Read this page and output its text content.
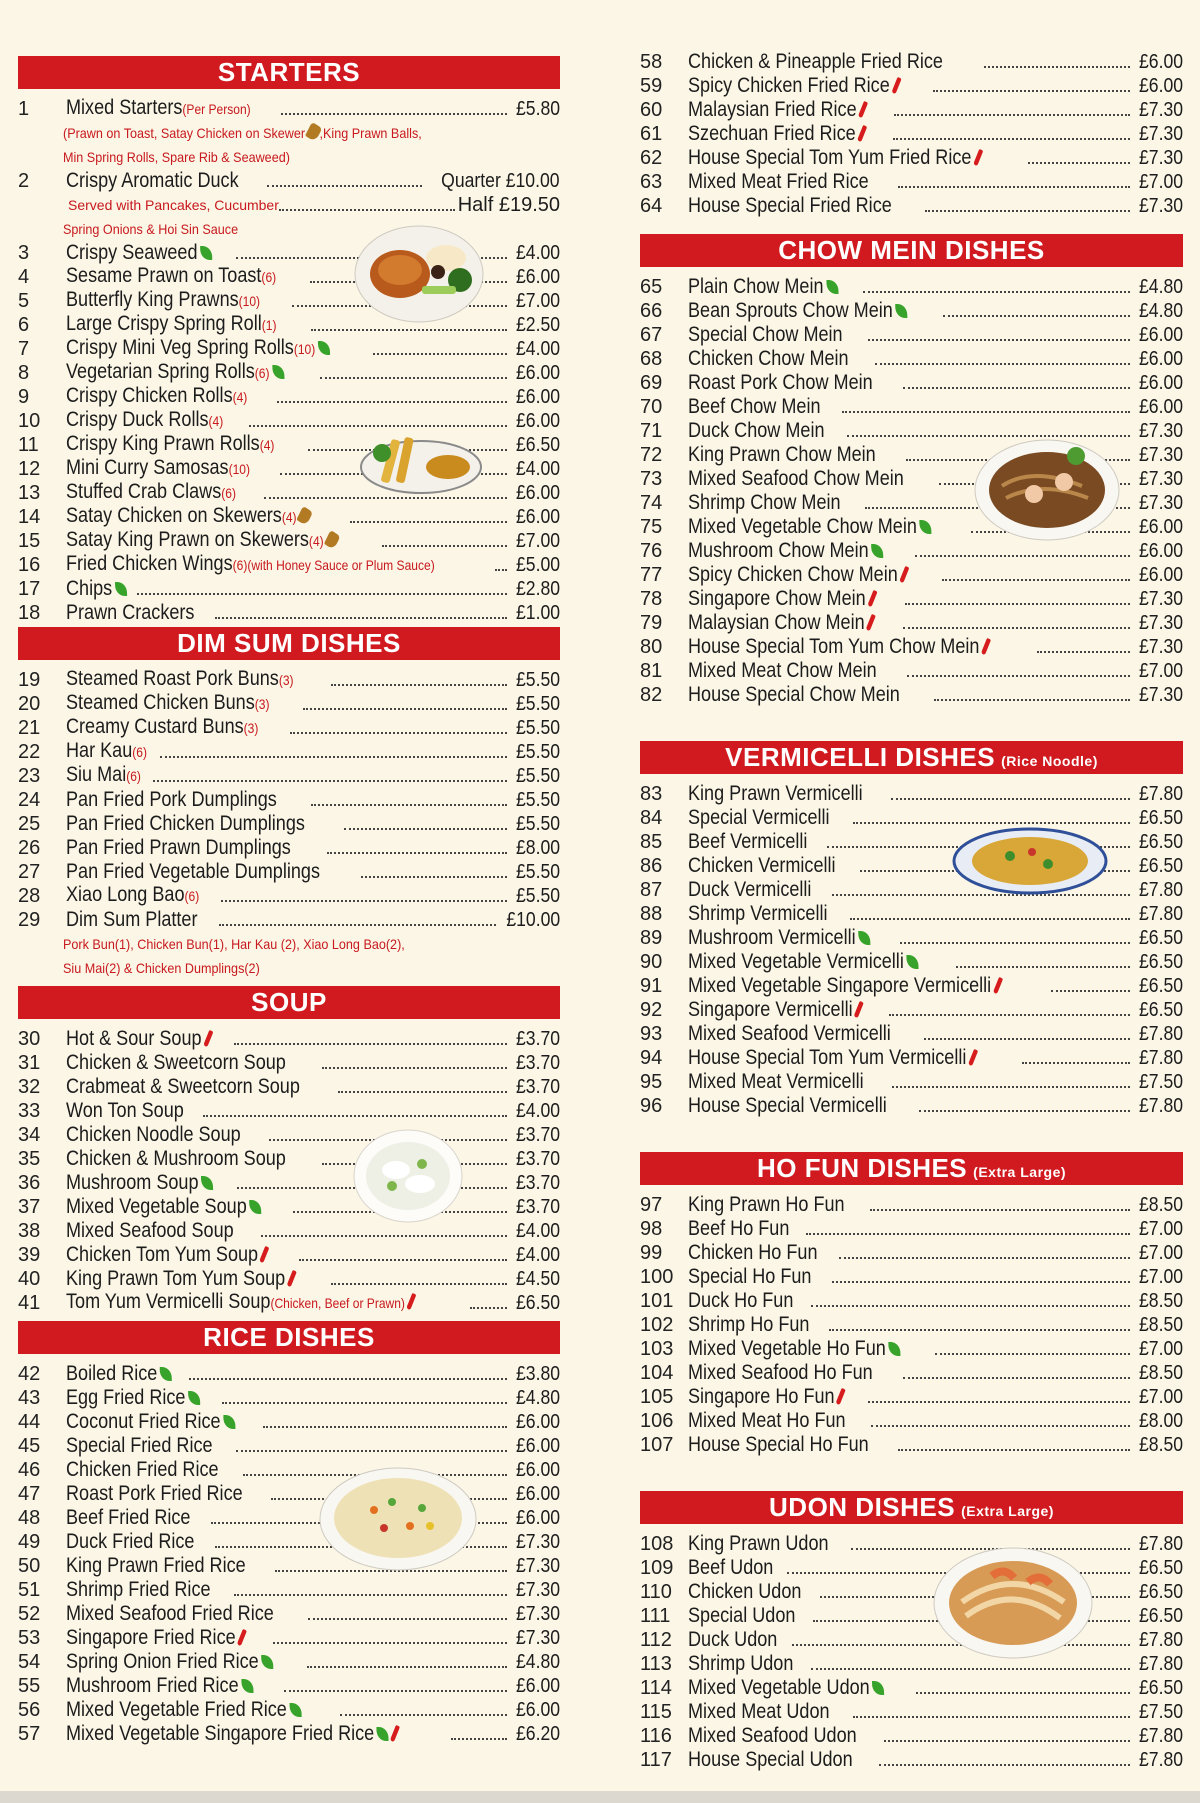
STARTERS
1	Mixed Starters(Per Person)	£5.80
(Prawn on Toast, Satay Chicken on Skewer ,King Prawn Balls,
Min Spring Rolls, Spare Rib & Seaweed)
2	Crispy Aromatic Duck	Quarter £10.00
Served with Pancakes, Cucumber	Half £19.50
Spring Onions & Hoi Sin Sauce
3	Crispy Seaweed	£4.00
4	Sesame Prawn on Toast(6)	£6.00
5	Butterfly King Prawns(10)	£7.00
6	Large Crispy Spring Roll(1)	£2.50
7	Crispy Mini Veg Spring Rolls(10)	£4.00
8	Vegetarian Spring Rolls(6)	£6.00
9	Crispy Chicken Rolls(4)	£6.00
10	Crispy Duck Rolls(4)	£6.00
11	Crispy King Prawn Rolls(4)	£6.50
12	Mini Curry Samosas(10)	£4.00
13	Stuffed Crab Claws(6)	£6.00
14	Satay Chicken on Skewers(4)	£6.00
15	Satay King Prawn on Skewers(4)	£7.00
16	Fried Chicken Wings(6)(with Honey Sauce or Plum Sauce)	£5.00
17	Chips	£2.80
18	Prawn Crackers	£1.00
DIM SUM DISHES
19	Steamed Roast Pork Buns(3)	£5.50
20	Steamed Chicken Buns(3)	£5.50
21	Creamy Custard Buns(3)	£5.50
22	Har Kau(6)	£5.50
23	Siu Mai(6)	£5.50
24	Pan Fried Pork Dumplings	£5.50
25	Pan Fried Chicken Dumplings	£5.50
26	Pan Fried Prawn Dumplings	£8.00
27	Pan Fried Vegetable Dumplings	£5.50
28	Xiao Long Bao(6)	£5.50
29	Dim Sum Platter	£10.00
Pork Bun(1), Chicken Bun(1), Har Kau (2), Xiao Long Bao(2),
Siu Mai(2) & Chicken Dumplings(2)
SOUP
30	Hot & Sour Soup	£3.70
31	Chicken & Sweetcorn Soup	£3.70
32	Crabmeat & Sweetcorn Soup	£3.70
33	Won Ton Soup	£4.00
34	Chicken Noodle Soup	£3.70
35	Chicken & Mushroom Soup	£3.70
36	Mushroom Soup	£3.70
37	Mixed Vegetable Soup	£3.70
38	Mixed Seafood Soup	£4.00
39	Chicken Tom Yum Soup	£4.00
40	King Prawn Tom Yum Soup	£4.50
41	Tom Yum Vermicelli Soup(Chicken, Beef or Prawn)	£6.50
RICE DISHES
42	Boiled Rice	£3.80
43	Egg Fried Rice	£4.80
44	Coconut Fried Rice	£6.00
45	Special Fried Rice	£6.00
46	Chicken Fried Rice	£6.00
47	Roast Pork Fried Rice	£6.00
48	Beef Fried Rice	£6.00
49	Duck Fried Rice	£7.30
50	King Prawn Fried Rice	£7.30
51	Shrimp Fried Rice	£7.30
52	Mixed Seafood Fried Rice	£7.30
53	Singapore Fried Rice	£7.30
54	Spring Onion Fried Rice	£4.80
55	Mushroom Fried Rice	£6.00
56	Mixed Vegetable Fried Rice	£6.00
57	Mixed Vegetable Singapore Fried Rice	£6.20
58	Chicken & Pineapple Fried Rice	£6.00
59	Spicy Chicken Fried Rice	£6.00
60	Malaysian Fried Rice	£7.30
61	Szechuan Fried Rice	£7.30
62	House Special Tom Yum Fried Rice	£7.30
63	Mixed Meat Fried Rice	£7.00
64	House Special Fried Rice	£7.30
CHOW MEIN DISHES
65	Plain Chow Mein	£4.80
66	Bean Sprouts Chow Mein	£4.80
67	Special Chow Mein	£6.00
68	Chicken Chow Mein	£6.00
69	Roast Pork Chow Mein	£6.00
70	Beef Chow Mein	£6.00
71	Duck Chow Mein	£7.30
72	King Prawn Chow Mein	£7.30
73	Mixed Seafood Chow Mein	£7.30
74	Shrimp Chow Mein	£7.30
75	Mixed Vegetable Chow Mein	£6.00
76	Mushroom Chow Mein	£6.00
77	Spicy Chicken Chow Mein	£6.00
78	Singapore Chow Mein	£7.30
79	Malaysian Chow Mein	£7.30
80	House Special Tom Yum Chow Mein	£7.30
81	Mixed Meat Chow Mein	£7.00
82	House Special Chow Mein	£7.30
VERMICELLI DISHES (Rice Noodle)
83	King Prawn Vermicelli	£7.80
84	Special Vermicelli	£6.50
85	Beef Vermicelli	£6.50
86	Chicken Vermicelli	£6.50
87	Duck Vermicelli	£7.80
88	Shrimp Vermicelli	£7.80
89	Mushroom Vermicelli	£6.50
90	Mixed Vegetable Vermicelli	£6.50
91	Mixed Vegetable Singapore Vermicelli	£6.50
92	Singapore Vermicelli	£6.50
93	Mixed Seafood Vermicelli	£7.80
94	House Special Tom Yum Vermicelli	£7.80
95	Mixed Meat Vermicelli	£7.50
96	House Special Vermicelli	£7.80
HO FUN DISHES (Extra Large)
97	King Prawn Ho Fun	£8.50
98	Beef Ho Fun	£7.00
99	Chicken Ho Fun	£7.00
100 Special Ho Fun	£7.00
101 Duck Ho Fun	£8.50
102 Shrimp Ho Fun	£8.50
103 Mixed Vegetable Ho Fun	£7.00
104 Mixed Seafood Ho Fun	£8.50
105 Singapore Ho Fun	£7.00
106 Mixed Meat Ho Fun	£8.00
107 House Special Ho Fun	£8.50
UDON DISHES (Extra Large)
108 King Prawn Udon	£7.80
109 Beef Udon	£6.50
110 Chicken Udon	£6.50
111 Special Udon	£6.50
112 Duck Udon	£7.80
113 Shrimp Udon	£7.80
114 Mixed Vegetable Udon	£6.50
115 Mixed Meat Udon	£7.50
116 Mixed Seafood Udon	£7.80
117 House Special Udon	£7.80
